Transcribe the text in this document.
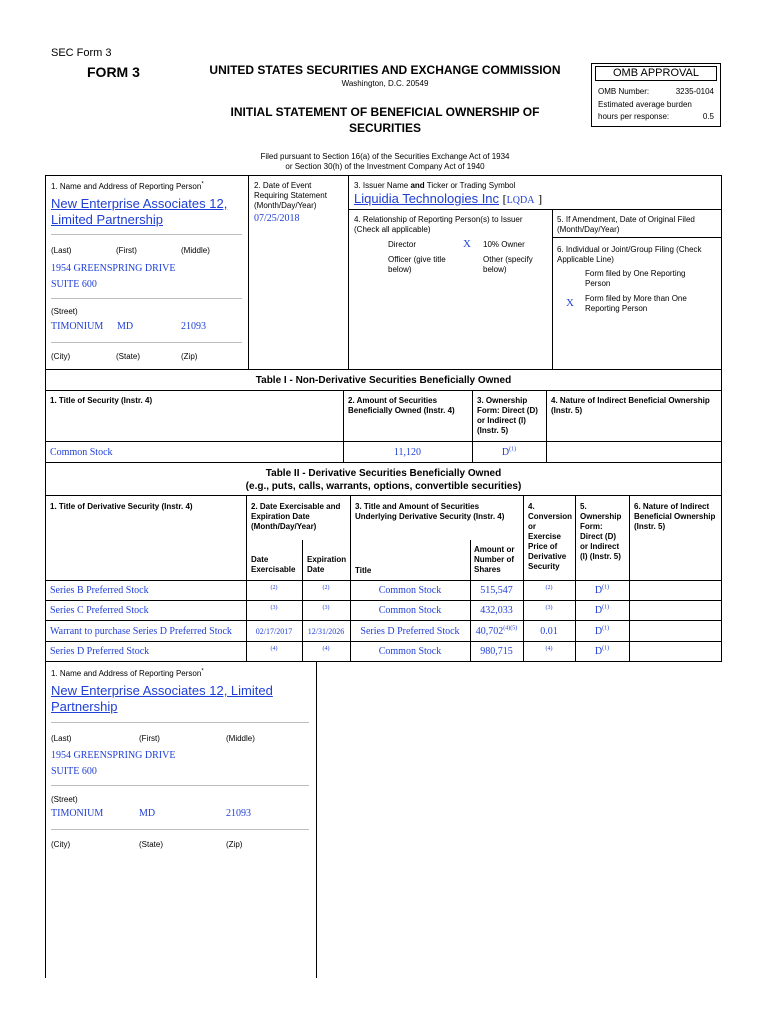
SEC Form 3
FORM 3	UNITED STATES SECURITIES AND EXCHANGE COMMISSION
Washington, D.C. 20549
INITIAL STATEMENT OF BENEFICIAL OWNERSHIP OF
SECURITIES
Filed pursuant to Section 16(a) of the Securities Exchange Act of 1934
or Section 30(h) of the Investment Company Act of 1940
OMB APPROVAL
OMB Number:	3235-0104
Estimated average burden
hours per response:	0.5
1. Name and Address of Reporting Person*
New Enterprise Associates 12,
Limited Partnership
(Last)	(First)	(Middle)
1954 GREENSPRING DRIVE
SUITE 600
(Street)
TIMONIUM MD	21093
(City)	(State)	(Zip)
2. Date of Event
Requiring Statement
(Month/Day/Year)
07/25/2018
3. Issuer Name and Ticker or Trading Symbol
Liquidia Technologies Inc [LQDA ]
4. Relationship of Reporting Person(s) to Issuer
(Check all applicable)
Director	X 10% Owner
Officer (give title
below)
Other (specify
below)
5. If Amendment, Date of Original Filed
(Month/Day/Year)
6. Individual or Joint/Group Filing (Check
Applicable Line)
Form filed by One Reporting
Person
X Form filed by More than One
Reporting Person
Table I - Non-Derivative Securities Beneficially Owned
1. Title of Security (Instr. 4)	2. Amount of Securities
Beneficially Owned (Instr. 4)
3. Ownership
Form: Direct (D)
or Indirect (I)
(Instr. 5)
4. Nature of Indirect Beneficial Ownership
(Instr. 5)
Common Stock	11,120	$D^{(1)}$
Table II - Derivative Securities Beneficially Owned
(e.g., puts, calls, warrants, options, convertible securities)
1. Title of Derivative Security (Instr. 4)	2. Date Exercisable and
Expiration Date
(Month/Day/Year)
3. Title and Amount of Securities
Underlying Derivative Security (Instr. 4)
4.
Conversion
or
Exercise
Price of
Derivative
Security
5.
Ownership
Form:
Direct (D)
or Indirect
(I) (Instr. 5)
6. Nature of Indirect
Beneficial Ownership
(Instr. 5)
Date
Exercisable
Expiration
Date	Title
Amount or
Number of
Shares
Series B Preferred Stock	(2)	(2)	Common Stock	515,547	(2)	$D^{(1)}$
Series C Preferred Stock	(3)	(3)	Common Stock	432,033	(3)	$D^{(1)}$
Warrant to purchase Series D Preferred Stock	02/17/2017	12/31/2026	Series D Preferred Stock	$40,702^{(4)(5)}$	0.01	$D^{(1)}$
Series D Preferred Stock	(4)	(4)	Common Stock	980,715	(4)	$D^{(1)}$
1. Name and Address of Reporting Person*
New Enterprise Associates 12, Limited
Partnership
(Last)	(First)	(Middle)
1954 GREENSPRING DRIVE
SUITE 600
(Street)
TIMONIUM	MD	21093
(City)	(State)	(Zip)
